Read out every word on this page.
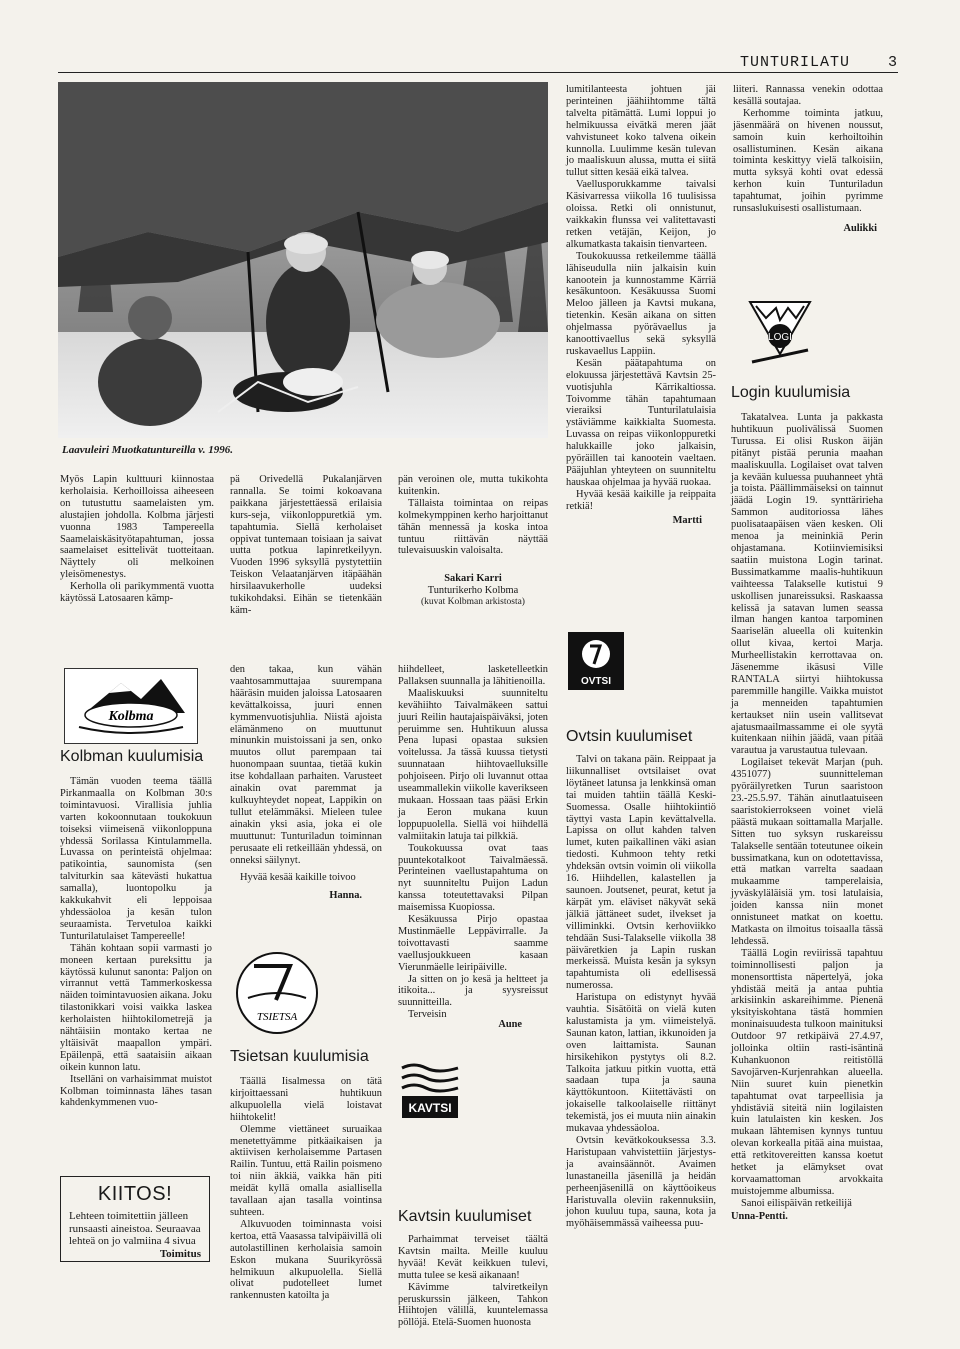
TUNTURILATU	3
Laavuleiri Muotkatuntureilla v. 1996.

Myös Lapin kulttuuri kiinnostaa kerholaisia. Kerhoilloissa aiheeseen on tutustuttu saamelaisten ym. alustajien johdolla. Kolbma järjesti vuonna 1983 Tampereella Saamelaiskäsityötapahtuman, jossa saamelaiset esittelivät tuotteitaan. Näyttely oli melkoinen yleisömenestys.

Kerholla oli parikymmentä vuotta käytössä Latosaaren kämp-

pä Orivedellä Pukalanjärven rannalla. Se toimi kokoavana paikkana järjestettäessä erilaisia kurs-seja, viikonloppuretkiä ym. tapahtumia. Siellä kerholaiset oppivat tuntemaan toisiaan ja saivat uutta potkua lapinretkeilyyn. Vuoden 1996 syksyllä pystytettiin Teiskon Velaatanjärven itäpäähän hirsilaavukerholle uudeksi tukikohdaksi. Eihän se tietenkään käm-

pän veroinen ole, mutta tukikohta kuitenkin.

Tällaista toimintaa on reipas kolmekymppinen kerho harjoittanut tähän mennessä ja koska intoa tuntuu riittävän näyttää tulevaisuuskin valoisalta.

Sakari Karri
Tunturikerho Kolbma
(kuvat Kolbman arkistosta)

lumitilanteesta johtuen jäi perinteinen jäähiihtomme tältä talvelta pitämättä. Lumi loppui jo helmikuussa eivätkä meren jäät vahvistuneet koko talvena oikein kunnolla. Luulimme kesän tulevan jo maaliskuun alussa, mutta ei siitä tullut sitten kesää eikä talvea.

Vaellusporukkamme taivalsi Käsivarressa viikolla 16 tuulisissa oloissa. Retki oli onnistunut, vaikkakin flunssa vei valitettavasti retken vetäjän, Keijon, jo alkumatkasta takaisin tienvarteen.

Toukokuussa retkeilemme täällä lähiseudulla niin jalkaisin kuin kanootein ja kunnostamme Kärriä kesäkuntoon. Kesäkuussa Suomi Meloo jälleen ja Kavtsi mukana, tietenkin. Kesän aikana on sitten ohjelmassa pyörävaellus ja kanoottivaellus sekä syksyllä ruskavaellus Lappiin.

Kesän päätapahtuma on elokuussa järjestettävä Kavtsin 25-vuotisjuhla Kärrikaltiossa. Toivomme tähän tapahtumaan vieraiksi Tunturilatulaisia ystäviämme kaikkialta Suomesta. Luvassa on reipas viikonloppuretki halukkaille joko jalkaisin, pyöräillen tai kanootein vaeltaen. Pääjuhlan yhteyteen on suunniteltu hauskaa ohjelmaa ja hyvää ruokaa.

Hyvää kesää kaikille ja reippaita retkiä!

Martti

liiteri. Rannassa venekin odottaa kesällä soutajaa.

Kerhomme toiminta jatkuu, jäsenmäärä on hivenen noussut, samoin kuin kerhoiltoihin osallistuminen. Kesän aikana toiminta keskittyy vielä talkoisiin, mutta syksyä kohti ovat edessä kerhon kuin Tunturiladun tapahtumat, joihin pyrimme runsaslukuisesti osallistumaan.

Aulikki
LOGI
Login kuulumisia

Takatalvea. Lunta ja pakkasta huhtikuun puolivälissä Suomen Turussa. Ei olisi Ruskon äijän pitänyt pistää perunia maahan maaliskuulla. Logilaiset ovat talven ja kevään kuluessa puuhanneet yhtä ja toista. Päällimmäiseksi on tainnut jäädä Login 19. synttäririeha Sammon auditoriossa lähes puolisataapäisen väen kesken. Oli menoa ja meininkiä Perin ohjastamana. Kotiinviemisiksi saatiin muistona Login tarinat. Bussimatkamme maalis-huhtikuun vaihteessa Talakselle kutistui 9 uskollisen junareissuksi. Raskaassa kelissä ja satavan lumen seassa ilman hangen kantoa tarpominen Saariselän alueella oli kuitenkin ollut kivaa, kertoi Marja. Murheellistakin kerrottavaa on. Jäsenemme ikäsusi Ville RANTALA siirtyi hiihtokussa paremmille hangille. Vaikka muistot ja menneiden tapahtumien kertaukset niin usein vallitsevat ajatusmaailmassamme ei ole syytä kuitenkaan niihin jäädä, vaan pitää varautua ja varustautua tulevaan.

Logilaiset tekevät Marjan (puh. 4351077) suunnitteleman pyöräilyretken Turun saaristoon 23.-25.5.97. Tähän ainutlaatuiseen saaristokierrokseen voinet vielä päästä mukaan soittamalla Marjalle. Sitten tuo syksyn ruskareissu Talakselle sentään toteutunee oikein bussimatkana, kun on odotettavissa, että matkan varrelta saadaan mukaamme tamperelaisia, jyväskyläläisiä ym. tosi latulaisia, joiden kanssa niin monet onnistuneet matkat on koettu. Matkasta on ilmoitus toisaalla tässä lehdessä.

Täällä Login reviirissä tapahtuu toiminnollisesti paljon ja monensorttista näpertelyä, joka yhdistää meitä ja antaa puhtia arkisiinkin askareihimme. Pienenä yksityiskohtana tästä hommien moninaisuudesta tulkoon mainituksi Outdoor 97 retkipäivä 27.4.97, jolloinka oltiin rasti-isäntinä Kuhankuonon reitistöllä Savojärven-Kurjenrahkan alueella. Niin suuret kuin pienetkin tapahtumat ovat tarpeellisia ja yhdistäviä siteitä niin logilaisten kuin latulaisten kin kesken. Jos mukaan lähtemisen kynnys tuntuu olevan korkealla pitää aina muistaa, että retkitovereitten kanssa koetut hetket ja elämykset ovat korvaamattoman arvokkaita muistojemme albumissa.

Sanoi eilispäivän retkeilijä

Unna-Pentti.
Kolbma
Kolbman kuulumisia

Tämän vuoden teema täällä Pirkanmaalla on Kolbman 30:s toimintavuosi. Virallisia juhlia varten kokoonnutaan toukokuun toiseksi viimeisenä viikonloppuna yhdessä Sorilassa Kintulammella. Luvassa on perinteistä ohjelmaa: patikointia, saunomista (sen talviturkin saa kätevästi hukattua samalla), luontopolku ja kakkukahvit eli leppoisaa yhdessäoloa ja kesän tulon seuraamista. Tervetuloa kaikki Tunturilatulaiset Tampereelle!

Tähän kohtaan sopii varmasti jo moneen kertaan pureksittu ja käytössä kulunut sanonta: Paljon on virrannut vettä Tammerkoskessa näiden toimintavuosien aikana. Joku tilastonikkari voisi vaikka laskea kerholaisten hiihtokilometrejä ja nähtäisiin montako kertaa ne yltäisivät maapallon ympäri. Epäilenpä, että saataisiin aikaan oikein kunnon latu.

Itselläni on varhaisimmat muistot Kolbman toiminnasta lähes tasan kahdenkymmenen vuo-

KIITOS!
Lehteen toimitettiin jälleen runsaasti aineistoa. Seuraavaa lehteä on jo valmiina 4 sivua
Toimitus

den takaa, kun vähän vaahtosammuttajaa suurempana hääräsin muiden jaloissa Latosaaren kevättalkoissa, juuri ennen kymmenvuotisjuhlia. Niistä ajoista elämänmeno on muuttunut minunkin muistoissani ja sen, onko muutos ollut parempaan tai huonompaan suuntaa, tietää kukin itse kohdallaan parhaiten. Varusteet ainakin ovat paremmat ja kulkuyhteydet nopeat, Lappikin on tullut etelämmäksi. Mieleen tulee ainakin yksi asia, joka ei ole muuttunut: Tunturiladun toiminnan perusaate eli retkeillään yhdessä, on onneksi säilynyt.

Hyvää kesää kaikille toivoo

Hanna.
TSIETSA
Tsietsan kuulumisia

Täällä Iisalmessa on tätä kirjoittaessani huhtikuun alkupuolella vielä loistavat hiihtokelit!

Olemme viettäneet suruaikaa menetettyämme pitkäaikaisen ja aktiivisen kerholaisemme Partasen Railin. Tuntuu, että Railin poismeno toi niin äkkiä, vaikka hän piti meidät kyllä omalla asiallisella tavallaan ajan tasalla vointinsa suhteen.

Alkuvuoden toiminnasta voisi kertoa, että Vaasassa talvipäivillä oli autolastillinen kerholaisia samoin Eskon mukana Suurikyrössä helmikuun alkupuolella. Siellä olivat pudotelleet lumet rankennusten katoilta ja

hiihdelleet, lasketelleetkin Pallaksen suunnalla ja lähitienoilla.

Maaliskuuksi suunniteltu kevähiihto Taivalmäkeen sattui juuri Reilin hautajaispäiväksi, joten peruimme sen. Huhtikuun alussa Pena lupasi opastaa suksien voitelussa. Ja tässä kuussa tietysti suunnataan hiihtovaelluksille pohjoiseen. Pirjo oli luvannut ottaa useammallekin viikolle kaverikseen mukaan. Hossaan taas pääsi Erkin ja Eeron mukana kuun loppupuolella. Siellä voi hiihdellä valmiitakin latuja tai pilkkiä.

Toukokuussa ovat taas puuntekotalkoot Taivalmäessä. Perinteinen vaellustapahtuma on nyt suunniteltu Puijon Ladun kanssa toteutettavaksi Pilpan maisemissa Kuopiossa.

Kesäkuussa Pirjo opastaa Mustinmäelle Leppävirralle. Ja toivottavasti saamme vaellusjoukkueen kasaan Vierunmäelle leiripäiville.

Ja sitten on jo kesä ja heltteet ja itikoita... ja syysreissut suunnitteilla.

Terveisin

Aune
KAVTSI
Kavtsin kuulumiset

Parhaimmat terveiset täältä Kavtsin mailta. Meille kuuluu hyvää! Kevät keikkuen tulevi, mutta tulee se kesä aikanaan!

Kävimme talviretkeilyn peruskurssin jälkeen, Tahkon Hiihtojen välillä, kuuntelemassa pöllöjä. Etelä-Suomen huonosta

OVTSI
Ovtsin kuulumiset

Talvi on takana päin. Reippaat ja liikunnalliset ovtsilaiset ovat löytäneet latunsa ja lenkkinsä oman tai muiden tahtiin täällä Keski-Suomessa. Osalle hiihtokiintiö täyttyi vasta Lapin kevättalvella. Lapissa on ollut kahden talven lumet, kuten paikallinen väki asian tiedosti. Kuhmoon tehty retki yhdeksän ovtsin voimin oli viikolla 16. Hiihdellen, kalastellen ja saunoen. Joutsenet, peurat, ketut ja kärpät ym. eläviset näkyvät sekä jälkiä jättäneet sudet, ilvekset ja villiminkki. Ovtsin kerhoviikko tehdään Susi-Talakselle viikolla 38 päiväretkien ja Lapin ruskan merkeissä. Muista kesän ja syksyn tapahtumista oli edellisessä numerossa.

Haristupa on edistynyt hyvää vauhtia. Sisätöitä on vielä kuten kalustamista ja ym. viimeistelyä. Saunan katon, lattian, ikkunoiden ja oven laittamista. Saunan hirsikehikon pystytys oli 8.2. Talkoita jatkuu pitkin vuotta, että saadaan tupa ja sauna käyttökuntoon. Kiitettävästi on jokaiselle talkoolaiselle riittänyt tekemistä, jos ei muuta niin ainakin mukavaa yhdessäoloa.

Ovtsin kevätkokouksessa 3.3. Haristupaan vahvistettiin järjestys- ja avainsäännöt. Avaimen lunastaneilla jäsenillä ja heidän perheenjäsenillä on käyttöoikeus Haristuvalla oleviin rakennuksiin, johon kuuluu tupa, sauna, kota ja myöhäisemmässä vaiheessa puu-
